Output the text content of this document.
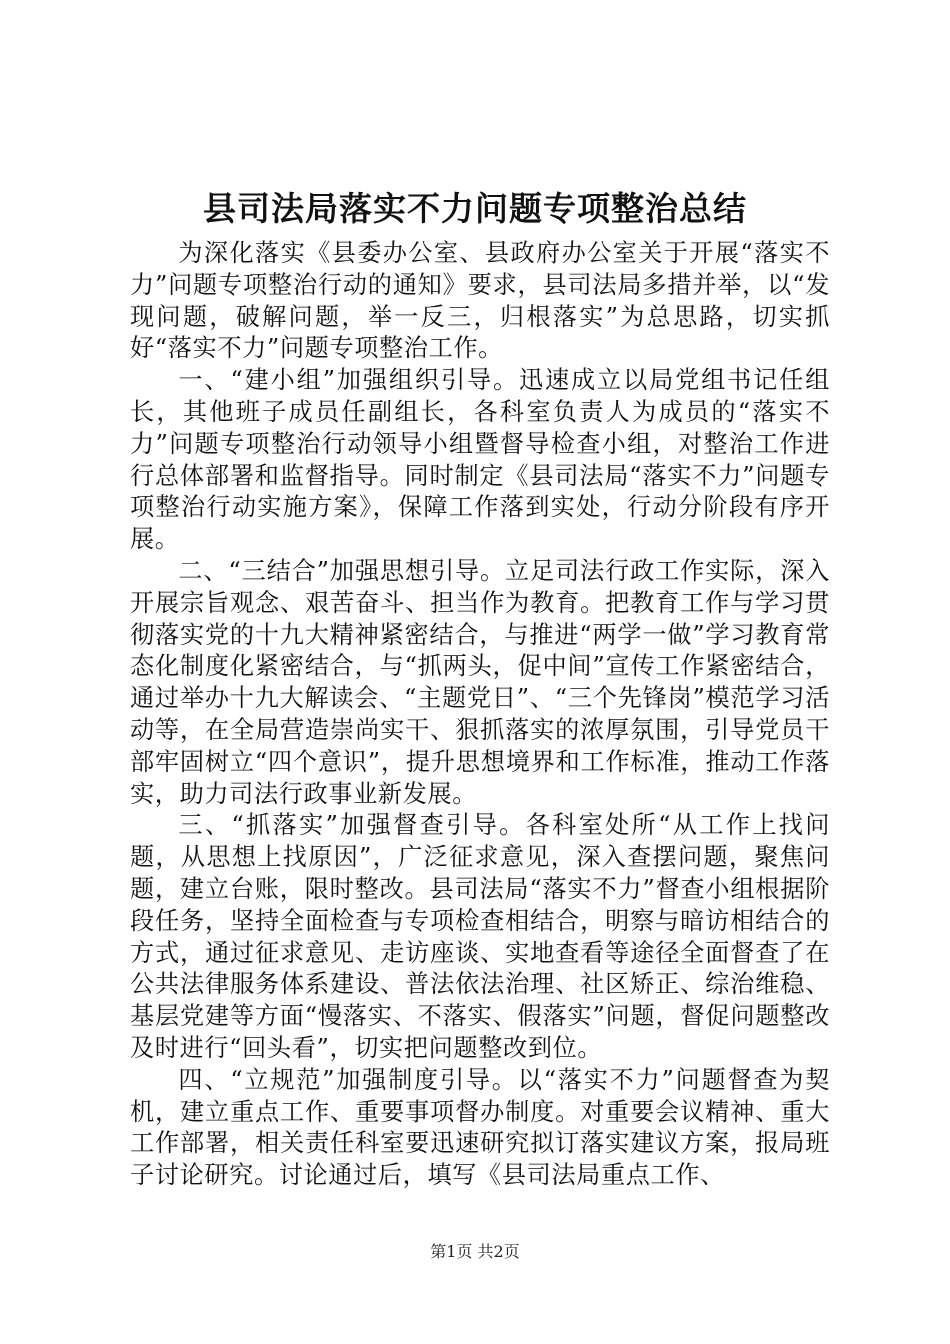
县司法局落实不力问题专项整治总结

为深化落实《县委办公室、县政府办公室关于开展“落实不力”问题专项整治行动的通知》要求，县司法局多措并举，以“发现问题，破解问题，举一反三，归根落实”为总思路，切实抓好“落实不力”问题专项整治工作。

一、“建小组”加强组织引导。迅速成立以局党组书记任组长，其他班子成员任副组长，各科室负责人为成员的“落实不力”问题专项整治行动领导小组暨督导检查小组，对整治工作进行总体部署和监督指导。同时制定《县司法局“落实不力”问题专项整治行动实施方案》，保障工作落到实处，行动分阶段有序开展。

二、“三结合”加强思想引导。立足司法行政工作实际，深入开展宗旨观念、艰苦奋斗、担当作为教育。把教育工作与学习贯彻落实党的十九大精神紧密结合，与推进“两学一做”学习教育常态化制度化紧密结合，与“抓两头，促中间”宣传工作紧密结合，通过举办十九大解读会、“主题党日”、“三个先锋岗”模范学习活动等，在全局营造崇尚实干、狠抓落实的浓厚氛围，引导党员干部牢固树立“四个意识”，提升思想境界和工作标准，推动工作落实，助力司法行政事业新发展。

三、“抓落实”加强督查引导。各科室处所“从工作上找问题，从思想上找原因”，广泛征求意见，深入查摆问题，聚焦问题，建立台账，限时整改。县司法局“落实不力”督查小组根据阶段任务，坚持全面检查与专项检查相结合，明察与暗访相结合的方式，通过征求意见、走访座谈、实地查看等途径全面督查了在公共法律服务体系建设、普法依法治理、社区矫正、综治维稳、基层党建等方面“慢落实、不落实、假落实”问题，督促问题整改及时进行“回头看”，切实把问题整改到位。

四、“立规范”加强制度引导。以“落实不力”问题督查为契机，建立重点工作、重要事项督办制度。对重要会议精神、重大工作部署，相关责任科室要迅速研究拟订落实建议方案，报局班子讨论研究。讨论通过后，填写《县司法局重点工作、

第1页 共2页
